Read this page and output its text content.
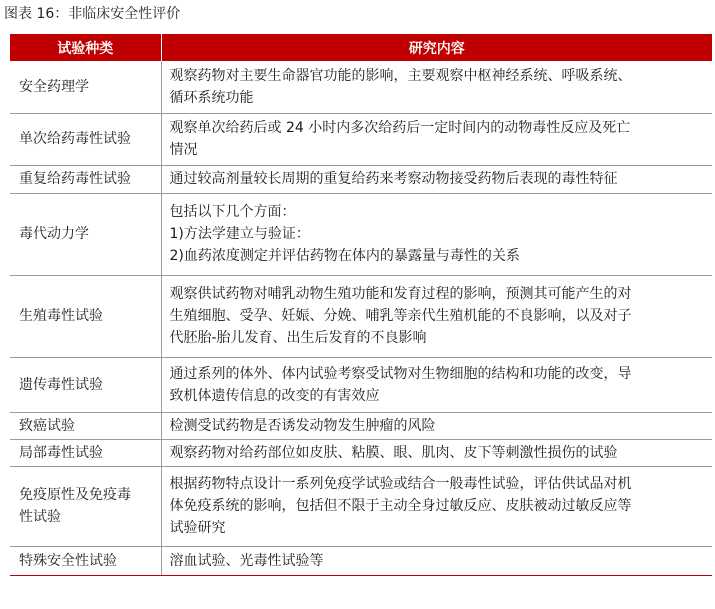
图表 16：非临床安全性评价
试验种类	研究内容
安全药理学	观察药物对主要生命器官功能的影响，主要观察中枢神经系统、呼吸系统、
循环系统功能

单次给药毒性试验	观察单次给药后或 24 小时内多次给药后一定时间内的动物毒性反应及死亡
情况

重复给药毒性试验	通过较高剂量较长周期的重复给药来考察动物接受药物后表现的毒性特征

毒代动力学	包括以下几个方面：
1)方法学建立与验证：
2)血药浓度测定并评估药物在体内的暴露量与毒性的关系

生殖毒性试验	观察供试药物对哺乳动物生殖功能和发育过程的影响，预测其可能产生的对
生殖细胞、受孕、妊娠、分娩、哺乳等亲代生殖机能的不良影响，以及对子
代胚胎-胎儿发育、出生后发育的不良影响

遗传毒性试验	通过系列的体外、体内试验考察受试物对生物细胞的结构和功能的改变，导
致机体遗传信息的改变的有害效应

致癌试验	检测受试药物是否诱发动物发生肿瘤的风险

局部毒性试验	观察药物对给药部位如皮肤、粘膜、眼、肌肉、皮下等刺激性损伤的试验

免疫原性及免疫毒
性试验	根据药物特点设计一系列免疫学试验或结合一般毒性试验，评估供试品对机
体免疫系统的影响，包括但不限于主动全身过敏反应、皮肤被动过敏反应等
试验研究

特殊安全性试验	溶血试验、光毒性试验等
